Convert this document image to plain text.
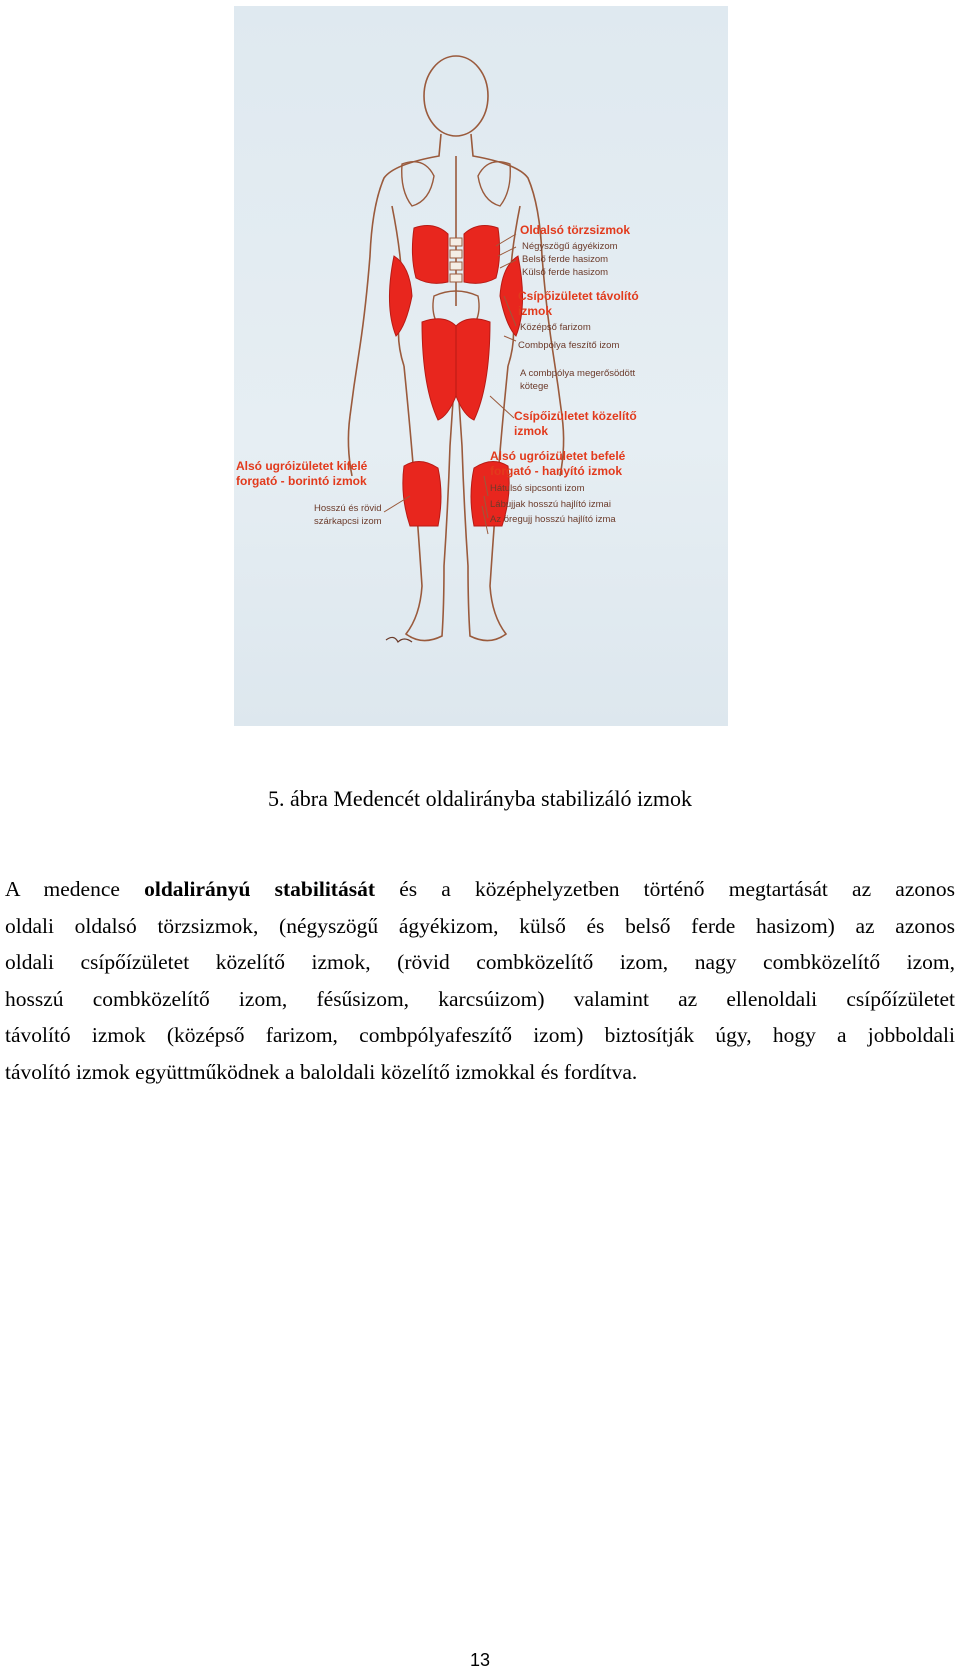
Oldalsó törzsizmok
Négyszögű ágyékizom
Belső ferde hasizom
Külső ferde hasizom
Csípőizületet távolító
izmok
Középső farizom
Combpólya feszítő izom
A combpólya megerősödött
kötege
Csípőizületet közelítő
izmok
Alsó ugróizületet befelé
forgató - hanyító izmok
Hátulsó sipcsonti izom
Lábujjak hosszú hajlító izmai
Az öregujj hosszú hajlító izma
Alsó ugróizületet kifelé
forgató - borintó izmok
Hosszú és rövid
szárkapcsi izom
5. ábra Medencét oldalirányba stabilizáló izmok
A medence oldalirányú stabilitását és a középhelyzetben történő megtartását az azonos
oldali oldalsó törzsizmok, (négyszögű ágyékizom, külső és belső ferde hasizom) az azonos
oldali csípőízületet közelítő izmok, (rövid combközelítő izom, nagy combközelítő izom,
hosszú combközelítő izom, fésűsizom, karcsúizom) valamint az ellenoldali csípőízületet
távolító izmok (középső farizom, combpólyafeszítő izom) biztosítják úgy, hogy a jobboldali
távolító izmok együttműködnek a baloldali közelítő izmokkal és fordítva.
13
